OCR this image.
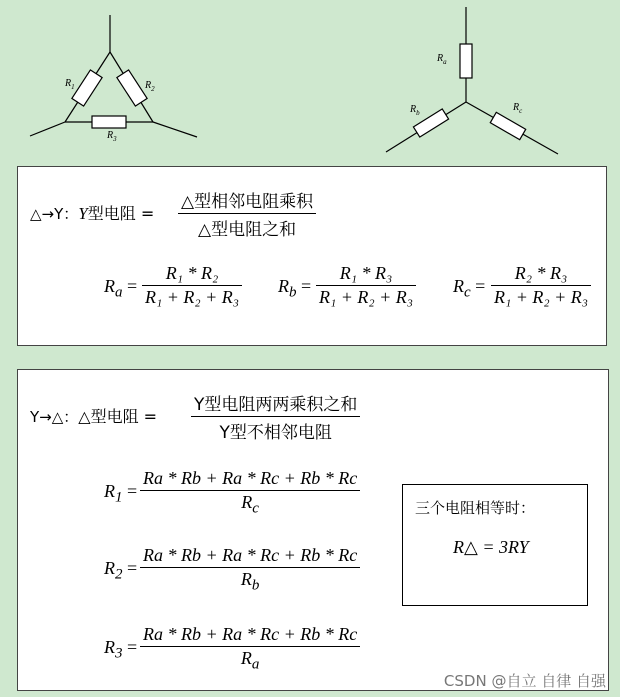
$R_1$	$R_2$
$R_3$
$R_a$
$R_b$	$R_c$
△→Y：Y型电阻 =
△型相邻电阻乘积
△型电阻之和
$R_a$ =
R₁ * R₂
R₁ + R₂ + R₃
$R_b$ =
R₁ * R₃
R₁ + R₂ + R₃
$R_c$ =
R₂ * R₃
R₁ + R₂ + R₃
Y→△：△型电阻 =
Y型电阻两两乘积之和
Y型不相邻电阻
$R_1$ =
Ra * Rb + Ra * Rc + Rb * Rc
$R_c$
$R_2$ =
Ra * Rb + Ra * Rc + Rb * Rc
$R_b$
$R_3$ =
Ra * Rb + Ra * Rc + Rb * Rc
$R_a$
三个电阻相等时：
R△ = 3RY
CSDN @自立 自律 自强
